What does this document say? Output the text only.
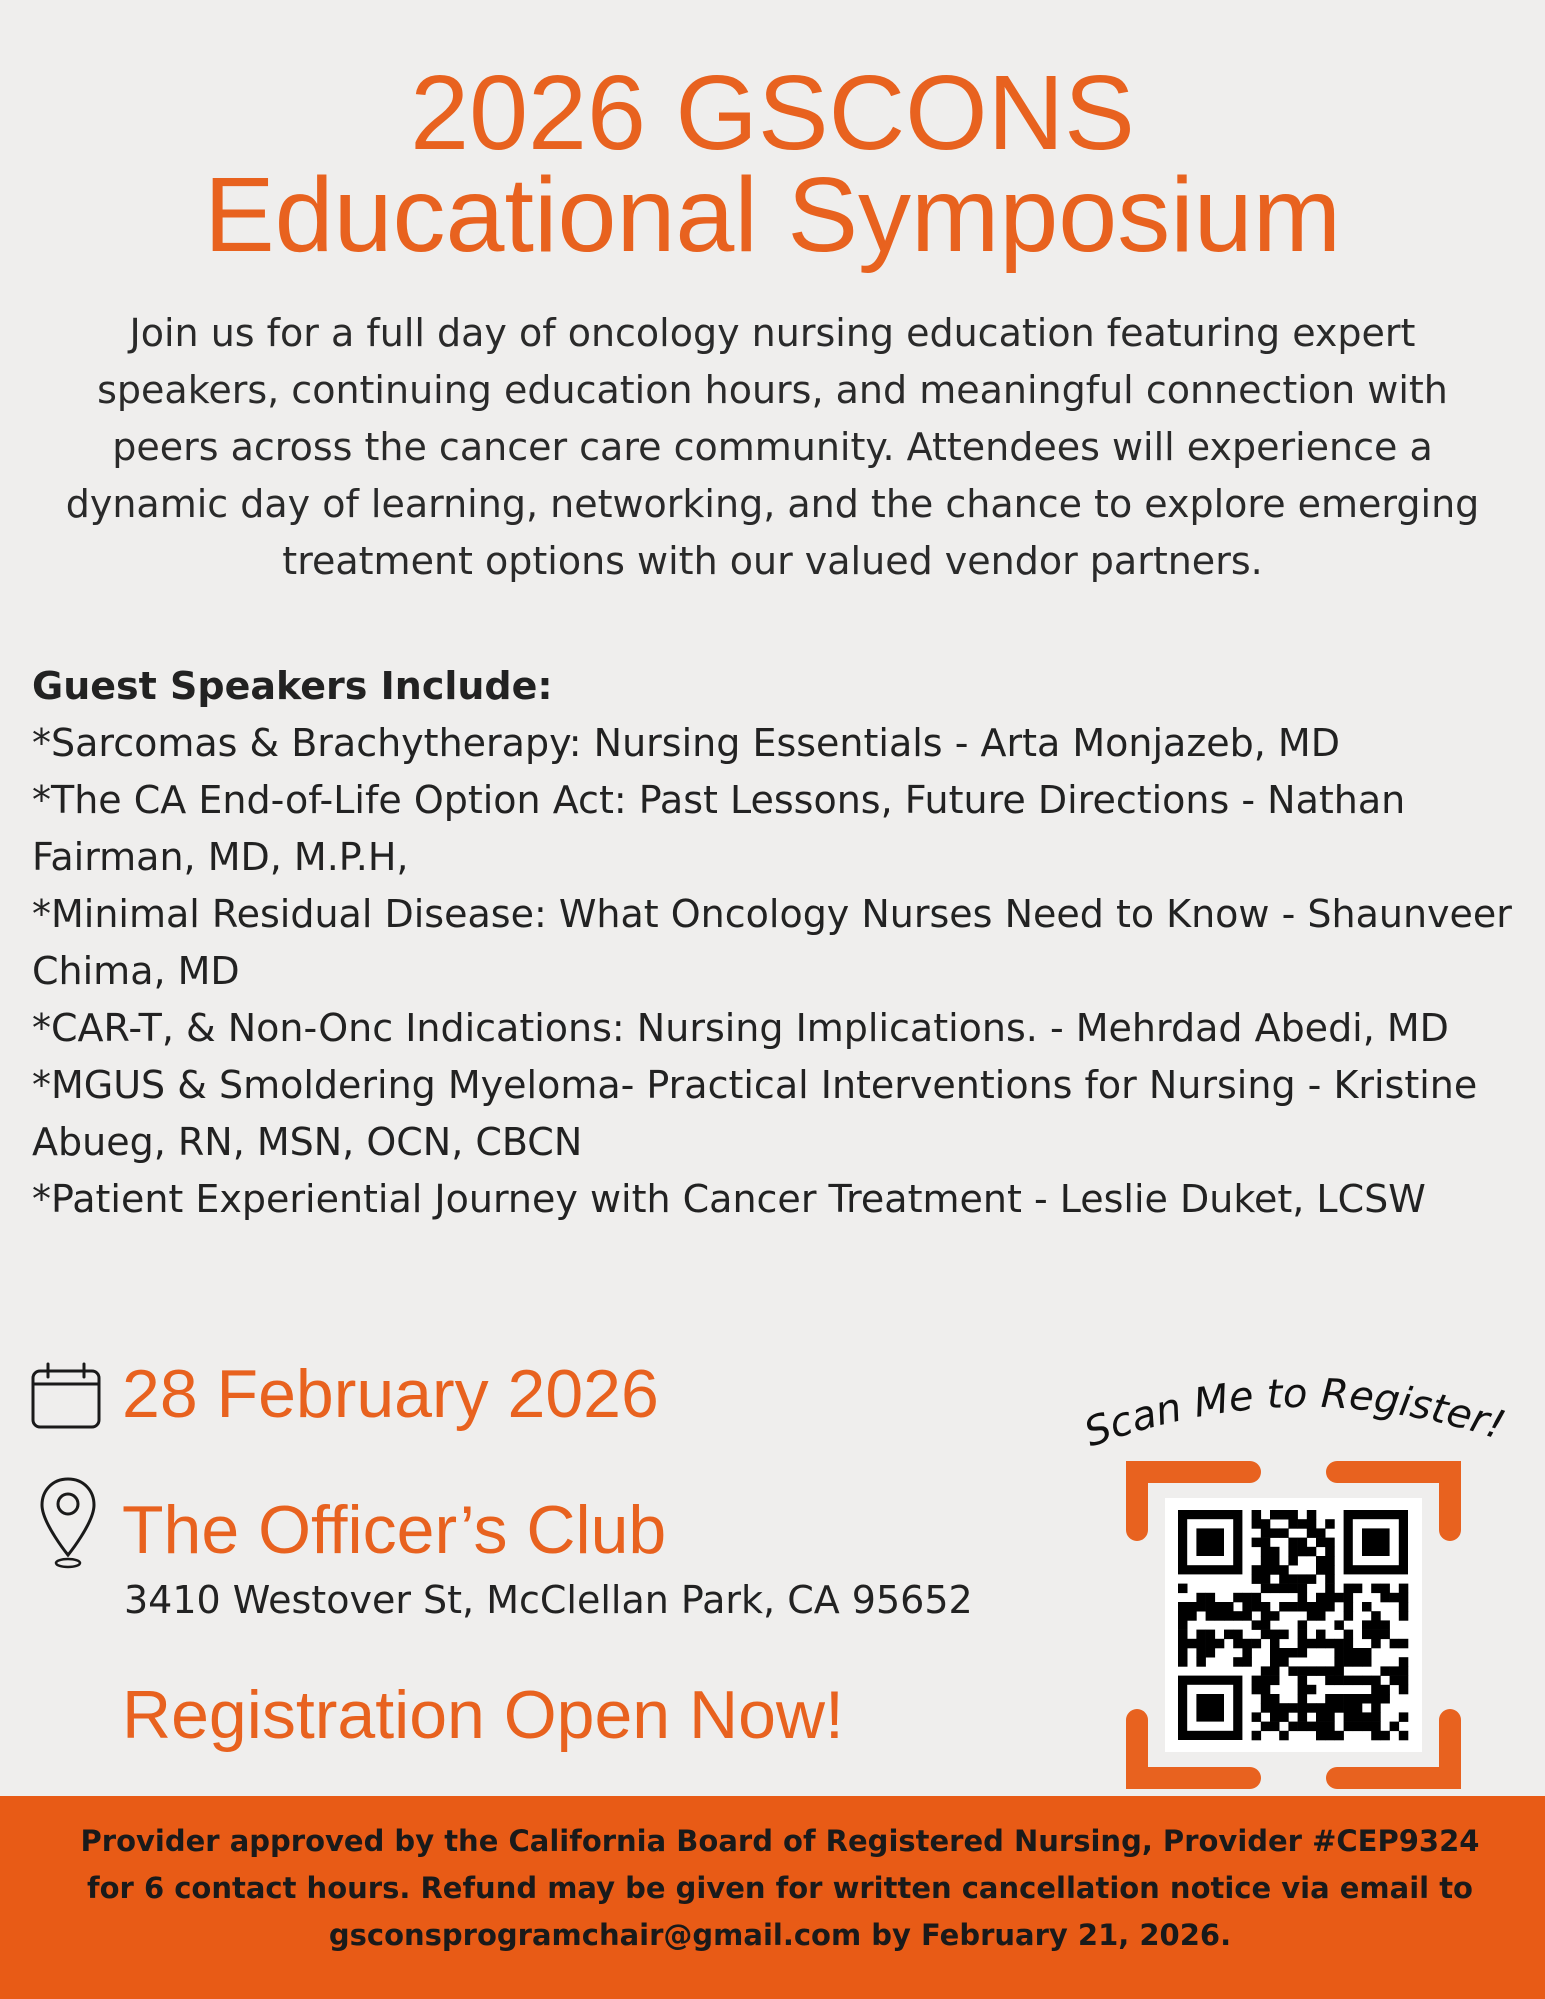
2026 GSCONS
Educational Symposium

Join us for a full day of oncology nursing education featuring expert speakers, continuing education hours, and meaningful connection with peers across the cancer care community. Attendees will experience a dynamic day of learning, networking, and the chance to explore emerging treatment options with our valued vendor partners.

Guest Speakers Include:

*Sarcomas & Brachytherapy: Nursing Essentials - Arta Monjazeb, MD

*The CA End-of-Life Option Act: Past Lessons, Future Directions - Nathan Fairman, MD, M.P.H,

*Minimal Residual Disease: What Oncology Nurses Need to Know - Shaunveer Chima, MD

*CAR-T, & Non-Onc Indications: Nursing Implications. - Mehrdad Abedi, MD

*MGUS & Smoldering Myeloma- Practical Interventions for Nursing - Kristine Abueg, RN, MSN, OCN, CBCN

*Patient Experiential Journey with Cancer Treatment - Leslie Duket, LCSW

28 February 2026
The Officer’s Club
3410 Westover St, McClellan Park, CA 95652
Registration Open Now!
Scan Me to Register!

Provider approved by the California Board of Registered Nursing, Provider #CEP9324 for 6 contact hours. Refund may be given for written cancellation notice via email to gsconsprogramchair@gmail.com by February 21, 2026.
